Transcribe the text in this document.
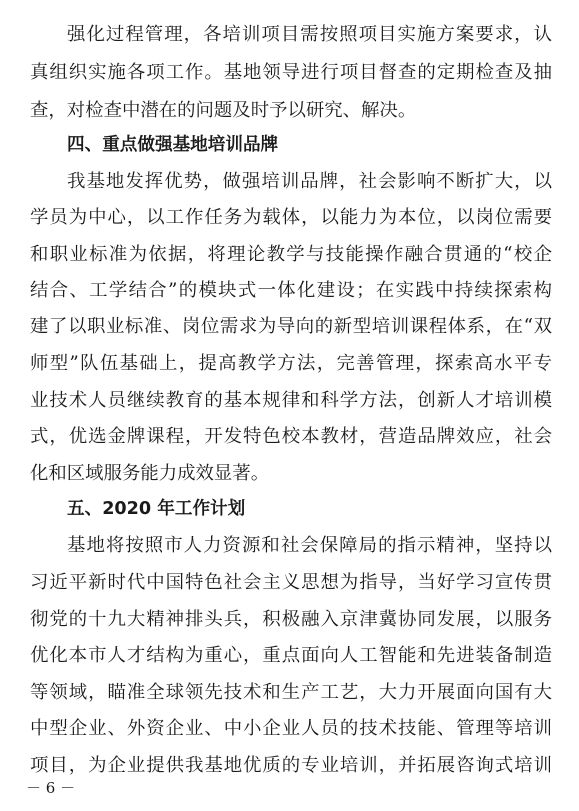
强化过程管理，各培训项目需按照项目实施方案要求，认
真组织实施各项工作。基地领导进行项目督查的定期检查及抽
查，对检查中潜在的问题及时予以研究、解决。
四、重点做强基地培训品牌
我基地发挥优势，做强培训品牌，社会影响不断扩大，以
学员为中心，以工作任务为载体，以能力为本位，以岗位需要
和职业标准为依据，将理论教学与技能操作融合贯通的“校企
结合、工学结合”的模块式一体化建设；在实践中持续探索构
建了以职业标准、岗位需求为导向的新型培训课程体系，在“双
师型”队伍基础上，提高教学方法，完善管理，探索高水平专
业技术人员继续教育的基本规律和科学方法，创新人才培训模
式，优选金牌课程，开发特色校本教材，营造品牌效应，社会
化和区域服务能力成效显著。
五、2020 年工作计划
基地将按照市人力资源和社会保障局的指示精神，坚持以
习近平新时代中国特色社会主义思想为指导，当好学习宣传贯
彻党的十九大精神排头兵，积极融入京津冀协同发展，以服务
优化本市人才结构为重心，重点面向人工智能和先进装备制造
等领域，瞄准全球领先技术和生产工艺，大力开展面向国有大
中型企业、外资企业、中小企业人员的技术技能、管理等培训
项目，为企业提供我基地优质的专业培训，并拓展咨询式培训
－ 6 －
